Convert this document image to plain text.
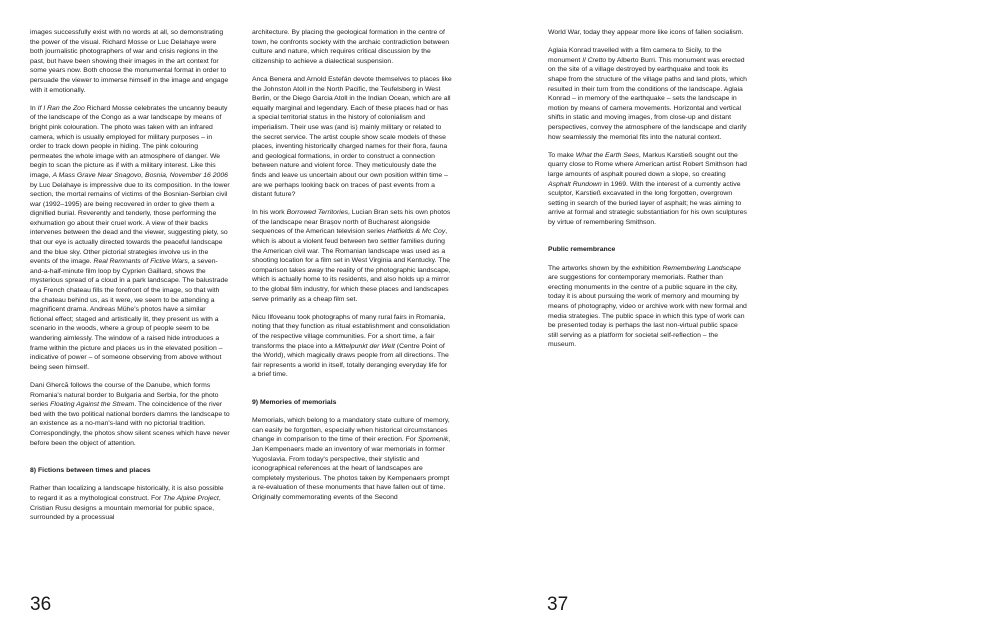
images successfully exist with no words at all, so demonstrating the power of the visual. Richard Mosse or Luc Delahaye were both journalistic photographers of war and crisis regions in the past, but have been showing their images in the art context for some years now. Both choose the monumental format in order to persuade the viewer to immerse himself in the image and engage with it emotionally.

In If I Ran the Zoo Richard Mosse celebrates the uncanny beauty of the landscape of the Congo as a war landscape by means of bright pink colouration. The photo was taken with an infrared camera, which is usually employed for military purposes – in order to track down people in hiding. The pink colouring permeates the whole image with an atmosphere of danger. We begin to scan the picture as if with a military interest. Like this image, A Mass Grave Near Snagovo, Bosnia, November 16 2006 by Luc Delahaye is impressive due to its composition. In the lower section, the mortal remains of victims of the Bosnian-Serbian civil war (1992–1995) are being recovered in order to give them a dignified burial. Reverently and tenderly, those performing the exhumation go about their cruel work. A view of their backs intervenes between the dead and the viewer, suggesting piety, so that our eye is actually directed towards the peaceful landscape and the blue sky. Other pictorial strategies involve us in the events of the image. Real Remnants of Fictive Wars, a seven-and-a-half-minute film loop by Cyprien Gaillard, shows the mysterious spread of a cloud in a park landscape. The balustrade of a French chateau fills the forefront of the image, so that with the chateau behind us, as it were, we seem to be attending a magnificent drama. Andreas Mühe's photos have a similar fictional effect; staged and artistically lit, they present us with a scenario in the woods, where a group of people seem to be wandering aimlessly. The window of a raised hide introduces a frame within the picture and places us in the elevated position – indicative of power – of someone observing from above without being seen himself.

Dani Ghercă follows the course of the Danube, which forms Romania's natural border to Bulgaria and Serbia, for the photo series Floating Against the Stream. The coincidence of the river bed with the two political national borders damns the landscape to an existence as a no-man's-land with no pictorial tradition. Correspondingly, the photos show silent scenes which have never before been the object of attention.

8) Fictions between times and places

Rather than localizing a landscape historically, it is also possible to regard it as a mythological construct. For The Alpine Project, Cristian Rusu designs a mountain memorial for public space, surrounded by a processual

architecture. By placing the geological formation in the centre of town, he confronts society with the archaic contradiction between culture and nature, which requires critical discussion by the citizenship to achieve a dialectical suspension.

Anca Benera and Arnold Estefán devote themselves to places like the Johnston Atoll in the North Pacific, the Teufelsberg in West Berlin, or the Diego Garcia Atoll in the Indian Ocean, which are all equally marginal and legendary. Each of these places had or has a special territorial status in the history of colonialism and imperialism. Their use was (and is) mainly military or related to the secret service. The artist couple show scale models of these places, inventing historically charged names for their flora, fauna and geological formations, in order to construct a connection between nature and violent force. They meticulously date the finds and leave us uncertain about our own position within time – are we perhaps looking back on traces of past events from a distant future?

In his work Borrowed Territories, Lucian Bran sets his own photos of the landscape near Brașov north of Bucharest alongside sequences of the American television series Hatfields & Mc Coy, which is about a violent feud between two settler families during the American civil war. The Romanian landscape was used as a shooting location for a film set in West Virginia and Kentucky. The comparison takes away the reality of the photographic landscape, which is actually home to its residents, and also holds up a mirror to the global film industry, for which these places and landscapes serve primarily as a cheap film set.

Nicu Ilfoveanu took photographs of many rural fairs in Romania, noting that they function as ritual establishment and consolidation of the respective village communities. For a short time, a fair transforms the place into a Mittelpunkt der Welt (Centre Point of the World), which magically draws people from all directions. The fair represents a world in itself, totally deranging everyday life for a brief time.

9) Memories of memorials

Memorials, which belong to a mandatory state culture of memory, can easily be forgotten, especially when historical circumstances change in comparison to the time of their erection. For Spomenik, Jan Kempenaers made an inventory of war memorials in former Yugoslavia. From today's perspective, their stylistic and iconographical references at the heart of landscapes are completely mysterious. The photos taken by Kempenaers prompt a re-evaluation of these monuments that have fallen out of time. Originally commemorating events of the Second

36

World War, today they appear more like icons of fallen socialism.

Aglaia Konrad travelled with a film camera to Sicily, to the monument Il Cretto by Alberto Burri. This monument was erected on the site of a village destroyed by earthquake and took its shape from the structure of the village paths and land plots, which resulted in their turn from the conditions of the landscape. Aglaia Konrad – in memory of the earthquake – sets the landscape in motion by means of camera movements. Horizontal and vertical shifts in static and moving images, from close-up and distant perspectives, convey the atmosphere of the landscape and clarify how seamlessly the memorial fits into the natural context.

To make What the Earth Sees, Markus Karstieß sought out the quarry close to Rome where American artist Robert Smithson had large amounts of asphalt poured down a slope, so creating Asphalt Rundown in 1969. With the interest of a currently active sculptor, Karstieß excavated in the long forgotten, overgrown setting in search of the buried layer of asphalt; he was aiming to arrive at formal and strategic substantiation for his own sculptures by virtue of remembering Smithson.

Public remembrance

The artworks shown by the exhibition Remembering Landscape are suggestions for contemporary memorials. Rather than erecting monuments in the centre of a public square in the city, today it is about pursuing the work of memory and mourning by means of photography, video or archive work with new formal and media strategies. The public space in which this type of work can be presented today is perhaps the last non-virtual public space still serving as a platform for societal self-reflection – the museum.

37
